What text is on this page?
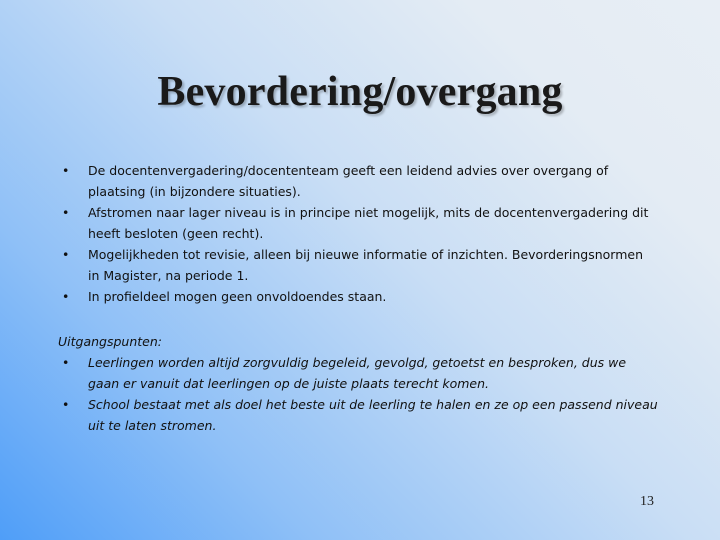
Bevordering/overgang
• De docentenvergadering/docententeam geeft een leidend advies over overgang of plaatsing (in bijzondere situaties).
• Afstromen naar lager niveau is in principe niet mogelijk, mits de docentenvergadering dit heeft besloten (geen recht).
• Mogelijkheden tot revisie, alleen bij nieuwe informatie of inzichten. Bevorderingsnormen in Magister, na periode 1.
• In profieldeel mogen geen onvoldoendes staan.
Uitgangspunten:
• Leerlingen worden altijd zorgvuldig begeleid, gevolgd, getoetst en besproken, dus we gaan er vanuit dat leerlingen op de juiste plaats terecht komen.
• School bestaat met als doel het beste uit de leerling te halen en ze op een passend niveau uit te laten stromen.
13
